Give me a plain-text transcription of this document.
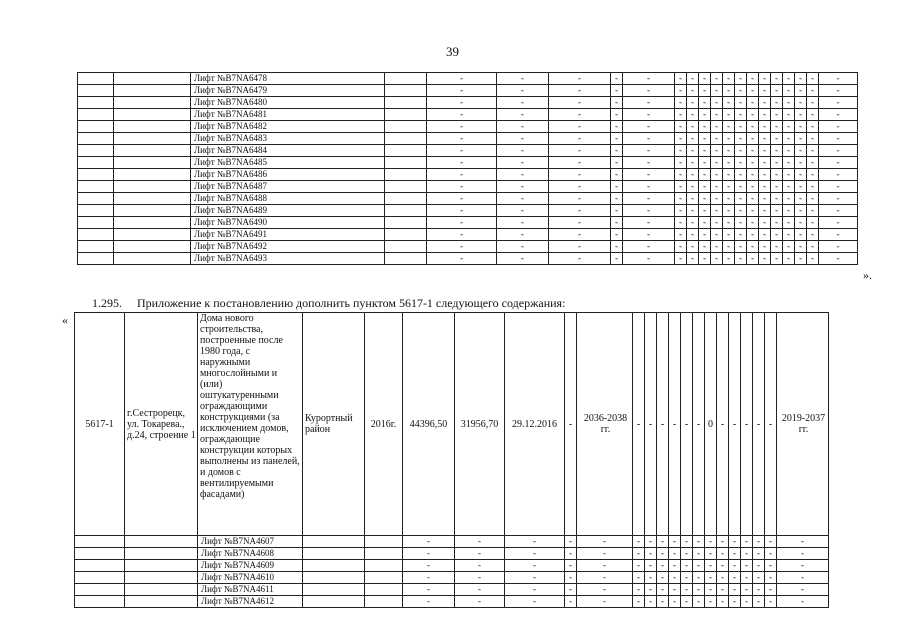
39
		Лифт №B7NA6478		-	-	-	-	-	-	-	-	-	-	-	-	-	-	-	-	-	-
		Лифт №B7NA6479		-	-	-	-	-	-	-	-	-	-	-	-	-	-	-	-	-	-
		Лифт №B7NA6480		-	-	-	-	-	-	-	-	-	-	-	-	-	-	-	-	-	-
		Лифт №B7NA6481		-	-	-	-	-	-	-	-	-	-	-	-	-	-	-	-	-	-
		Лифт №B7NA6482		-	-	-	-	-	-	-	-	-	-	-	-	-	-	-	-	-	-
		Лифт №B7NA6483		-	-	-	-	-	-	-	-	-	-	-	-	-	-	-	-	-	-
		Лифт №B7NA6484		-	-	-	-	-	-	-	-	-	-	-	-	-	-	-	-	-	-
		Лифт №B7NA6485		-	-	-	-	-	-	-	-	-	-	-	-	-	-	-	-	-	-
		Лифт №B7NA6486		-	-	-	-	-	-	-	-	-	-	-	-	-	-	-	-	-	-
		Лифт №B7NA6487		-	-	-	-	-	-	-	-	-	-	-	-	-	-	-	-	-	-
		Лифт №B7NA6488		-	-	-	-	-	-	-	-	-	-	-	-	-	-	-	-	-	-
		Лифт №B7NA6489		-	-	-	-	-	-	-	-	-	-	-	-	-	-	-	-	-	-
		Лифт №B7NA6490		-	-	-	-	-	-	-	-	-	-	-	-	-	-	-	-	-	-
		Лифт №B7NA6491		-	-	-	-	-	-	-	-	-	-	-	-	-	-	-	-	-	-
		Лифт №B7NA6492		-	-	-	-	-	-	-	-	-	-	-	-	-	-	-	-	-	-
		Лифт №B7NA6493		-	-	-	-	-	-	-	-	-	-	-	-	-	-	-	-	-	-
».
1.295. Приложение к постановлению дополнить пунктом 5617-1 следующего содержания:
«
5617-1	г.Сестрорецк, ул. Токарева., д.24, строение 1	Дома нового строительства, построенные после 1980 года, с наружными многослойными и (или) оштукатуренными ограждающими конструкциями (за исключением домов, ограждающие конструкции которых выполнены из панелей, и домов с вентилируемыми фасадами)	Курортный район	2016г.	44396,50	31956,70	29.12.2016	-	2036-2038 гг.	-	-	-	-	-	-	0	-	-	-	-	-	2019-2037 гг.
		Лифт №B7NA4607			-	-	-	-	-	-	-	-	-	-	-	-	-	-	-	-	-	-
		Лифт №B7NA4608			-	-	-	-	-	-	-	-	-	-	-	-	-	-	-	-	-	-
		Лифт №B7NA4609			-	-	-	-	-	-	-	-	-	-	-	-	-	-	-	-	-	-
		Лифт №B7NA4610			-	-	-	-	-	-	-	-	-	-	-	-	-	-	-	-	-	-
		Лифт №B7NA4611			-	-	-	-	-	-	-	-	-	-	-	-	-	-	-	-	-	-
		Лифт №B7NA4612			-	-	-	-	-	-	-	-	-	-	-	-	-	-	-	-	-	-
